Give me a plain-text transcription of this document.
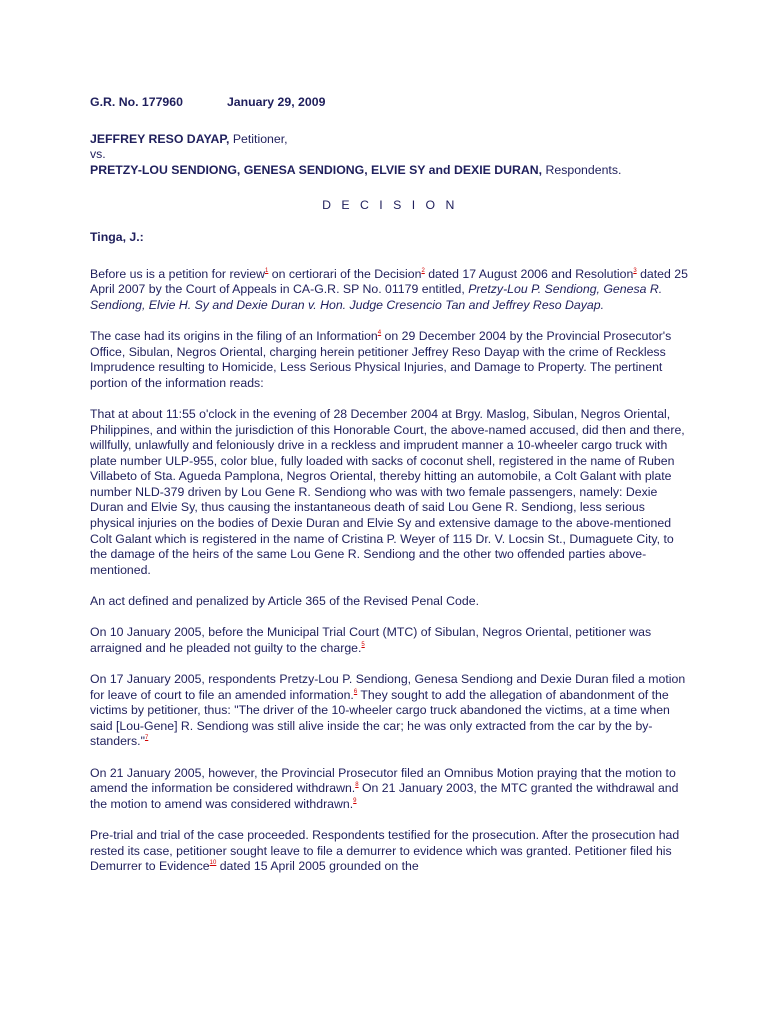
G.R. No. 177960	January 29, 2009

JEFFREY RESO DAYAP, Petitioner,
vs.
PRETZY-LOU SENDIONG, GENESA SENDIONG, ELVIE SY and DEXIE DURAN, Respondents.
D E C I S I O N

Tinga, J.:

Before us is a petition for review$^1$ on certiorari of the Decision$^2$ dated 17 August 2006 and Resolution$^3$ dated 25 April 2007 by the Court of Appeals in CA-G.R. SP No. 01179 entitled, Pretzy-Lou P. Sendiong, Genesa R. Sendiong, Elvie H. Sy and Dexie Duran v. Hon. Judge Cresencio Tan and Jeffrey Reso Dayap.

The case had its origins in the filing of an Information$^4$ on 29 December 2004 by the Provincial Prosecutor's Office, Sibulan, Negros Oriental, charging herein petitioner Jeffrey Reso Dayap with the crime of Reckless Imprudence resulting to Homicide, Less Serious Physical Injuries, and Damage to Property. The pertinent portion of the information reads:

That at about 11:55 o'clock in the evening of 28 December 2004 at Brgy. Maslog, Sibulan, Negros Oriental, Philippines, and within the jurisdiction of this Honorable Court, the above-named accused, did then and there, willfully, unlawfully and feloniously drive in a reckless and imprudent manner a 10-wheeler cargo truck with plate number ULP-955, color blue, fully loaded with sacks of coconut shell, registered in the name of Ruben Villabeto of Sta. Agueda Pamplona, Negros Oriental, thereby hitting an automobile, a Colt Galant with plate number NLD-379 driven by Lou Gene R. Sendiong who was with two female passengers, namely: Dexie Duran and Elvie Sy, thus causing the instantaneous death of said Lou Gene R. Sendiong, less serious physical injuries on the bodies of Dexie Duran and Elvie Sy and extensive damage to the above-mentioned Colt Galant which is registered in the name of Cristina P. Weyer of 115 Dr. V. Locsin St., Dumaguete City, to the damage of the heirs of the same Lou Gene R. Sendiong and the other two offended parties above-mentioned.

An act defined and penalized by Article 365 of the Revised Penal Code.

On 10 January 2005, before the Municipal Trial Court (MTC) of Sibulan, Negros Oriental, petitioner was arraigned and he pleaded not guilty to the charge.$^5$

On 17 January 2005, respondents Pretzy-Lou P. Sendiong, Genesa Sendiong and Dexie Duran filed a motion for leave of court to file an amended information.$^6$ They sought to add the allegation of abandonment of the victims by petitioner, thus: "The driver of the 10-wheeler cargo truck abandoned the victims, at a time when said [Lou-Gene] R. Sendiong was still alive inside the car; he was only extracted from the car by the by-standers."$^7$

On 21 January 2005, however, the Provincial Prosecutor filed an Omnibus Motion praying that the motion to amend the information be considered withdrawn.$^8$ On 21 January 2003, the MTC granted the withdrawal and the motion to amend was considered withdrawn.$^9$

Pre-trial and trial of the case proceeded. Respondents testified for the prosecution. After the prosecution had rested its case, petitioner sought leave to file a demurrer to evidence which was granted. Petitioner filed his Demurrer to Evidence$^{10}$ dated 15 April 2005 grounded on the
